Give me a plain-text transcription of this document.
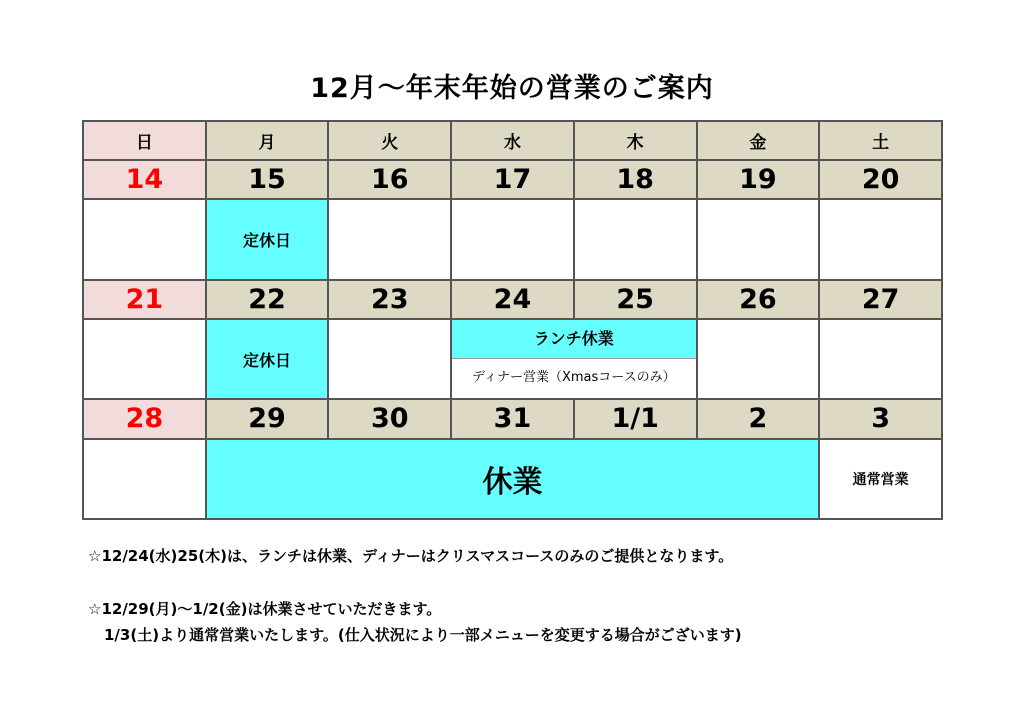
12月～年末年始の営業のご案内
日	月	火	水	木	金	土
14	15	16	17	18	19	20
	定休日					
21	22	23	24	25	26	27
	定休日		ランチ休業
ディナー営業（Xmasコースのみ）			

28	29	30	31	1/1	2	3
	休業					通常営業
☆12/24(水)25(木)は、ランチは休業、ディナーはクリスマスコースのみのご提供となります。
☆12/29(月)～1/2(金)は休業させていただきます。
1/3(土)より通常営業いたします。(仕入状況により一部メニューを変更する場合がございます)
